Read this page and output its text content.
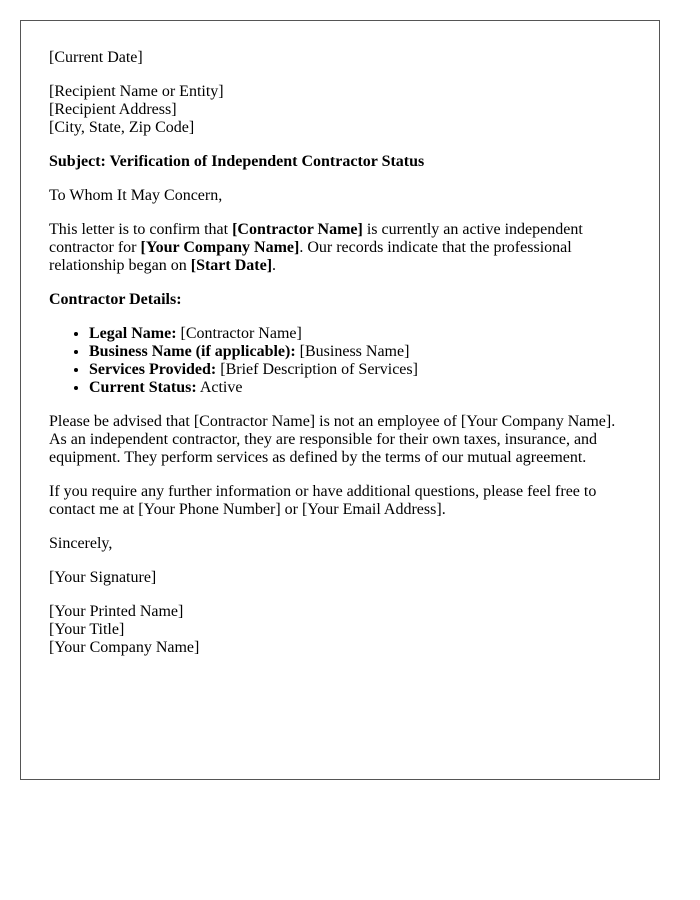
[Current Date]

[Recipient Name or Entity]
[Recipient Address]
[City, State, Zip Code]

Subject: Verification of Independent Contractor Status

To Whom It May Concern,

This letter is to confirm that [Contractor Name] is currently an active independent contractor for [Your Company Name]. Our records indicate that the professional relationship began on [Start Date].

Contractor Details:

• Legal Name: [Contractor Name]
• Business Name (if applicable): [Business Name]
• Services Provided: [Brief Description of Services]
• Current Status: Active

Please be advised that [Contractor Name] is not an employee of [Your Company Name]. As an independent contractor, they are responsible for their own taxes, insurance, and equipment. They perform services as defined by the terms of our mutual agreement.

If you require any further information or have additional questions, please feel free to contact me at [Your Phone Number] or [Your Email Address].

Sincerely,

[Your Signature]

[Your Printed Name]
[Your Title]
[Your Company Name]
